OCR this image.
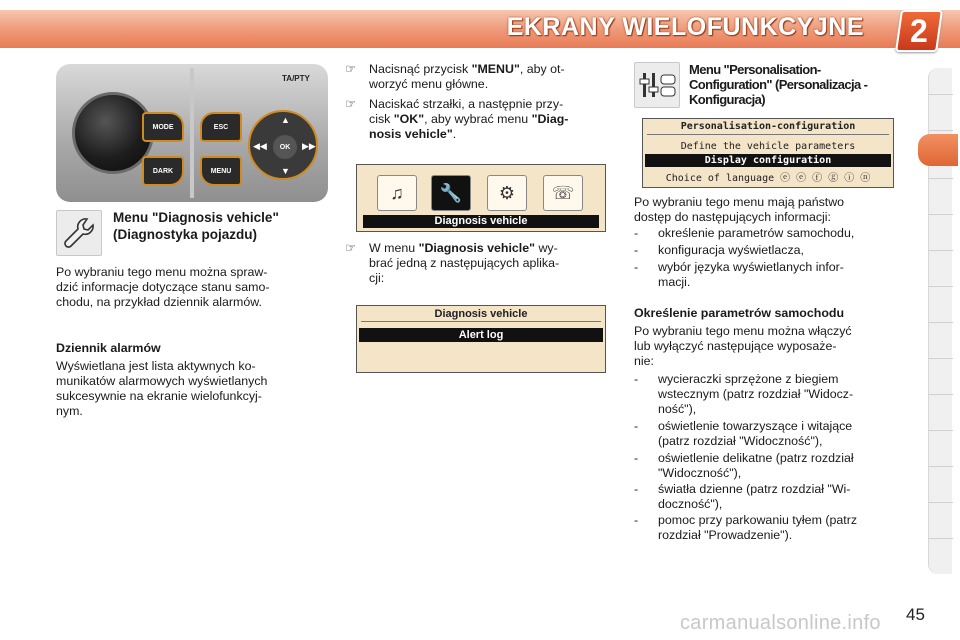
EKRANY WIELOFUNKCYJNE	2
MODE
DARK
ESC
MENU
TA/PTY
▲
▼
◀◀	▶▶
OK
Menu "Diagnosis vehicle"
(Diagnostyka pojazdu)
Po wybraniu tego menu można spraw-
dzić informacje dotyczące stanu samo-
chodu, na przykład dziennik alarmów.
Dziennik alarmów
Wyświetlana jest lista aktywnych ko-
munikatów alarmowych wyświetlanych
sukcesywnie na ekranie wielofunkcyj-
nym.
☞ Nacisnąć przycisk "MENU", aby ot-
worzyć menu główne.
☞ Naciskać strzałki, a następnie przy-
cisk "OK", aby wybrać menu "Diag-
nosis vehicle".
♫	🔧	⚙	☏
Diagnosis vehicle
☞ W menu "Diagnosis vehicle" wy-
brać jedną z następujących aplika-
cji:
Diagnosis vehicle
Alert log
Menu "Personalisation-
Configuration" (Personalizacja -
Konfiguracja)
Personalisation-configuration
Define the vehicle parameters
Display configuration
Choice of language ⓔ ⓔ ⓕ ⓖ ⓘ ⓝ
Po wybraniu tego menu mają państwo
dostęp do następujących informacji:
- określenie parametrów samochodu,
- konfiguracja wyświetlacza,
- wybór języka wyświetlanych infor-
macji.
Określenie parametrów samochodu
Po wybraniu tego menu można włączyć
lub wyłączyć następujące wyposaże-
nie:
- wycieraczki sprzężone z biegiem
wstecznym (patrz rozdział "Widocz-
ność"),
- oświetlenie towarzyszące i witające
(patrz rozdział "Widoczność"),
- oświetlenie delikatne (patrz rozdział
"Widoczność"),
- światła dzienne (patrz rozdział "Wi-
doczność"),
- pomoc przy parkowaniu tyłem (patrz
rozdział "Prowadzenie").
carmanualsonline.info 45
